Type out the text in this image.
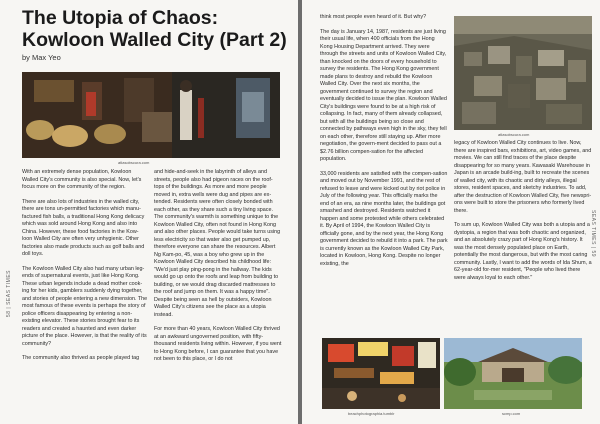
The Utopia of Chaos:
Kowloon Walled City (Part 2)
by Max Yeo
atlasobscura.com

With an extremely dense population, Kowloon Walled City's community is also special. Now, let's focus more on the community of the region.

There are also lots of industries in the walled city, there are tons un-permitted factories which manu-factured fish balls, a traditional Hong Kong delicacy which was sold around Hong Kong and also into China. However, these food factories in the Kow-loon Walled City are often very unhygienic. Other factories also made products such as golf balls and doll toys.

The Kowloon Walled City also had many urban leg-ends of supernatural events, just like Hong Kong. These urban legends include a dead mother cook-ing for her kids, gamblers suddenly dying together, and stories of people entering a new dimension. The most famous of these events is perhaps the story of police officers disappearing by entering a non-existing elevator. These stories brought fear to its readers and created a haunted and even darker picture of the place. However, is that the reality of its community?

The community also thrived as people played tag

and hide-and-seek in the labyrinth of alleys and streets, people also had pigeon races on the roof-tops of the buildings. As more and more people moved in, extra wells were dug and pipes are ex-tended. Residents were often closely bonded with each other, as they share such a tiny living space. The community's warmth is something unique to the Kowloon Walled City, often not found in Hong Kong and also other places. People would take turns using less electricity so that water also get pumped up, therefore everyone can share the resources. Albert Ng Kam-po, 45, was a boy who grew up in the Kowloon Walled City described his childhood life: "We'd just play ping-pong in the hallway. The kids would go up onto the roofs and leap from building to building, or we would drag discarded mattresses to the roof and jump on them. It was a happy time". Despite being seen as hell by outsiders, Kowloon Walled City's citizens see the place as a utopia instead.

For more than 40 years, Kowloon Walled City thrived at an awkward ungoverned position, with fifty-thousand residents living within. However, if you went to Hong Kong before, I can guarantee that you have not been to this place, or I do not

58 | SEAS TIMES

think most people even heard of it. But why?

The day is January 14, 1987, residents are just living their usual life, when 400 officials from the Hong Kong Housing Department arrived. They were through the streets and units of Kowloon Walled City, than knocked on the doors of every household to survey the residents. The Hong Kong government made plans to destroy and rebuild the Kowloon Walled City. Over the next six months, the government continued to survey the region and eventually decided to issue the plan. Kowloon Walled City's buildings were found to be at a high risk of collapsing. In fact, many of them already collapsed, but with all the buildings being so close and connected by pathways even high in the sky, they fell on each other, therefore still staying up. After more negotiation, the govern-ment decided to pass out a $2.76 billion compen-sation for the affected population.

33,000 residents are satisfied with the compen-sation and moved out by November 1991, and the rest of refused to leave and were kicked out by riot police in July of the following year. This officially marks the end of an era, as nine months later, the buildings got smashed and destroyed. Residents watched it happen and some protested while others celebrated it. By April of 1994, the Kowloon Walled City is officially gone, and by the next year, the Hong Kong government decided to rebuild it into a park. The park is currently known as the Kowloon Walled City Park, located in Kowloon, Hong Kong. Despite no longer existing, the

atlasobscura.com

legacy of Kowloon Walled City continues to live. Now, there are inspired bars, exhibitions, art, video games, and movies. We can still find traces of the place despite disappearing for so many years. Kawasaki Warehouse in Japan is an arcade build-ing, built to recreate the scenes of walled city, with its chaotic and dirty alleys, illegal stores, resident spaces, and sketchy industries. To add, after the destruction of Kowloon Walled City, five newspri-ons were built to store the prisoners who formerly lived there.

To sum up, Kowloon Walled City was both a utopia and a dystopia, a region that was both chaotic and organized, and an absolutely crazy part of Hong Kong's history. It was the most densely populated place on Earth, potentially the most dangerous, but with the most caring community. Lastly, I want to add the words of Ida Shum, a 62-year-old for-mer resident, "People who lived there were always loyal to each other."

beachphotographia.tumblr	scmp.com
SEAS TIMES | 59
